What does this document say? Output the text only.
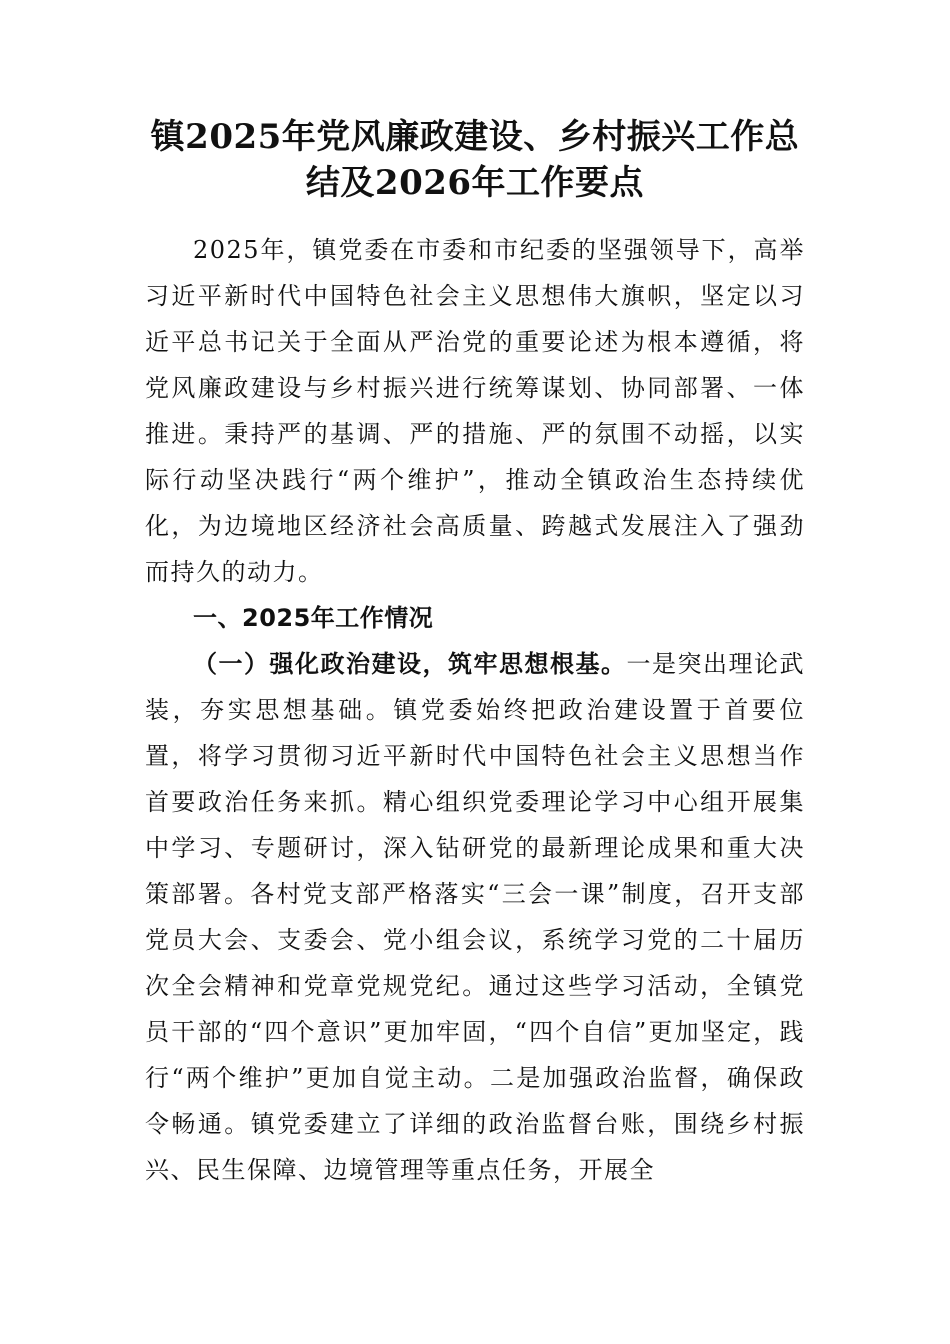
镇2025年党风廉政建设、乡村振兴工作总
结及2026年工作要点

2025年，镇党委在市委和市纪委的坚强领导下，高举习近平新时代中国特色社会主义思想伟大旗帜，坚定以习近平总书记关于全面从严治党的重要论述为根本遵循，将党风廉政建设与乡村振兴进行统筹谋划、协同部署、一体推进。秉持严的基调、严的措施、严的氛围不动摇，以实际行动坚决践行“两个维护”，推动全镇政治生态持续优化，为边境地区经济社会高质量、跨越式发展注入了强劲而持久的动力。

一、2025年工作情况

（一）强化政治建设，筑牢思想根基。一是突出理论武装，夯实思想基础。镇党委始终把政治建设置于首要位置，将学习贯彻习近平新时代中国特色社会主义思想当作首要政治任务来抓。精心组织党委理论学习中心组开展集中学习、专题研讨，深入钻研党的最新理论成果和重大决策部署。各村党支部严格落实“三会一课”制度，召开支部党员大会、支委会、党小组会议，系统学习党的二十届历次全会精神和党章党规党纪。通过这些学习活动，全镇党员干部的“四个意识”更加牢固，“四个自信”更加坚定，践行“两个维护”更加自觉主动。二是加强政治监督，确保政令畅通。镇党委建立了详细的政治监督台账，围绕乡村振兴、民生保障、边境管理等重点任务，开展全
